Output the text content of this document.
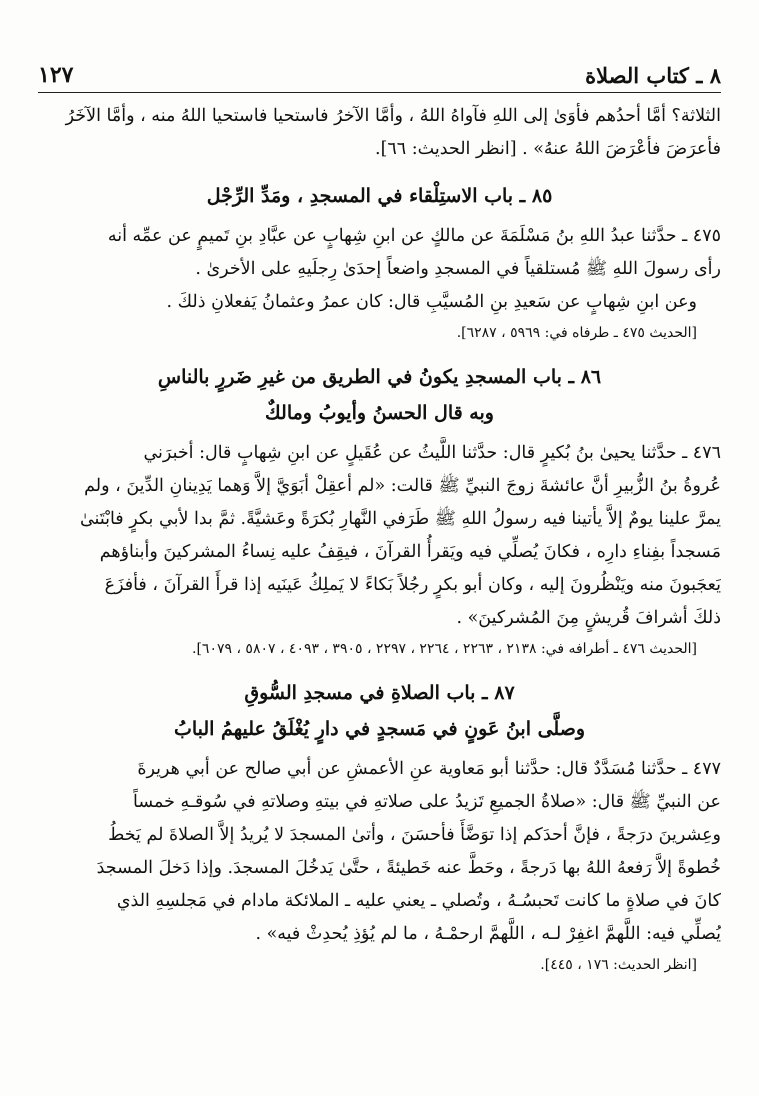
٨ ـ كتاب الصلاة
١٢٧

الثلاثة؟ أمَّا أحدُهم فأوَىٰ إلى اللهِ فآواهُ اللهُ ، وأمَّا الآخرُ فاستحيا فاستحيا اللهُ منه ، وأمَّا الآخَرُ
فأعرَضَ فأعْرَضَ اللهُ عنهُ» . [انظر الحديث: ٦٦].

٨٥ ـ باب الاستِلْقاء في المسجدِ ، ومَدِّ الرِّجْل

٤٧٥ ـ حدَّثنا عبدُ اللهِ بنُ مَسْلَمَةَ عن مالكٍ عن ابنِ شِهابٍ عن عبَّادِ بنِ تَميمٍ عن عمِّه أنه
رأى رسولَ اللهِ ﷺ مُستلقياً في المسجدِ واضعاً إحدَىٰ رِجلَيهِ على الأخرىٰ .
وعن ابنِ شِهابٍ عن سَعيدِ بنِ المُسيَّبِ قال: كان عمرُ وعثمانُ يَفعلانِ ذلكَ .

[الحديث ٤٧٥ ـ طرفاه في: ٥٩٦٩ ، ٦٢٨٧].

٨٦ ـ باب المسجدِ يكونُ في الطريق من غيرِ ضَررٍ بالناسِ

وبه قال الحسنُ وأيوبُ ومالكٌ

٤٧٦ ـ حدَّثنا يحيىٰ بنُ بُكيرٍ قال: حدَّثنا اللَّيثُ عن عُقَيلٍ عن ابنِ شِهابٍ قال: أخبرَني
عُروةُ بنُ الزُّبيرِ أنَّ عائشةَ زوجَ النبيِّ ﷺ قالت: «لم أعقِلْ أبَوَيَّ إلاَّ وَهما يَدِينانِ الدِّينَ ، ولم
يمرَّ علينا يومٌ إلاَّ يأتينا فيه رسولُ اللهِ ﷺ طَرَفي النَّهارِ بُكرَةً وعَشيَّةً. ثمَّ بدا لأبي بكرٍ فابْتَنىٰ
مَسجداً بفِناءِ دارِه ، فكانَ يُصلِّي فيه ويَقرأُ القرآنَ ، فيقِفُ عليه نِساءُ المشركينَ وأبناؤهم
يَعجَبونَ منه ويَنْظُرونَ إليه ، وكان أبو بكرٍ رجُلاً بَكاءً لا يَملِكُ عَينَيه إذا قرأَ القرآنَ ، فأفزَعَ
ذلكَ أشرافَ قُريشٍ مِنَ المُشركينَ» .

[الحديث ٤٧٦ ـ أطرافه في: ٢١٣٨ ، ٢٢٦٣ ، ٢٢٦٤ ، ٢٢٩٧ ، ٣٩٠٥ ، ٤٠٩٣ ، ٥٨٠٧ ، ٦٠٧٩].

٨٧ ـ باب الصلاةِ في مسجدِ السُّوقِ

وصلَّى ابنُ عَونٍ في مَسجدٍ في دارٍ يُغْلَقُ عليهمُ البابُ

٤٧٧ ـ حدَّثنا مُسَدَّدٌ قال: حدَّثنا أبو مَعاوية عنِ الأعمشِ عن أبي صالح عن أبي هريرةَ
عن النبيِّ ﷺ قال: «صلاةُ الجميعِ تَزيدُ على صلاتهِ في بيتهِ وصلاتهِ في سُوقـهِ خمساً
وعِشرينَ درَجةً ، فإنَّ أحدَكم إذا توَضَّأَ فأحسَنَ ، وأتىٰ المسجدَ لا يُريدُ إلاَّ الصلاةَ لم يَخطُ
خُطوةً إلاَّ رَفعهُ اللهُ بها دَرجةً ، وحَطَّ عنه خَطيئةً ، حتَّىٰ يَدخُلَ المسجدَ. وإذا دَخلَ المسجدَ
كانَ في صلاةٍ ما كانت تَحبسُـهُ ، وتُصلي ـ يعني عليه ـ الملائكة مادام في مَجلسِهِ الذي
يُصلِّي فيه: اللَّهمَّ اغفِرْ لـه ، اللَّهمَّ ارحمْـهُ ، ما لم يُؤذِ يُحدِثْ فيه» .

[انظر الحديث: ١٧٦ ، ٤٤٥].
